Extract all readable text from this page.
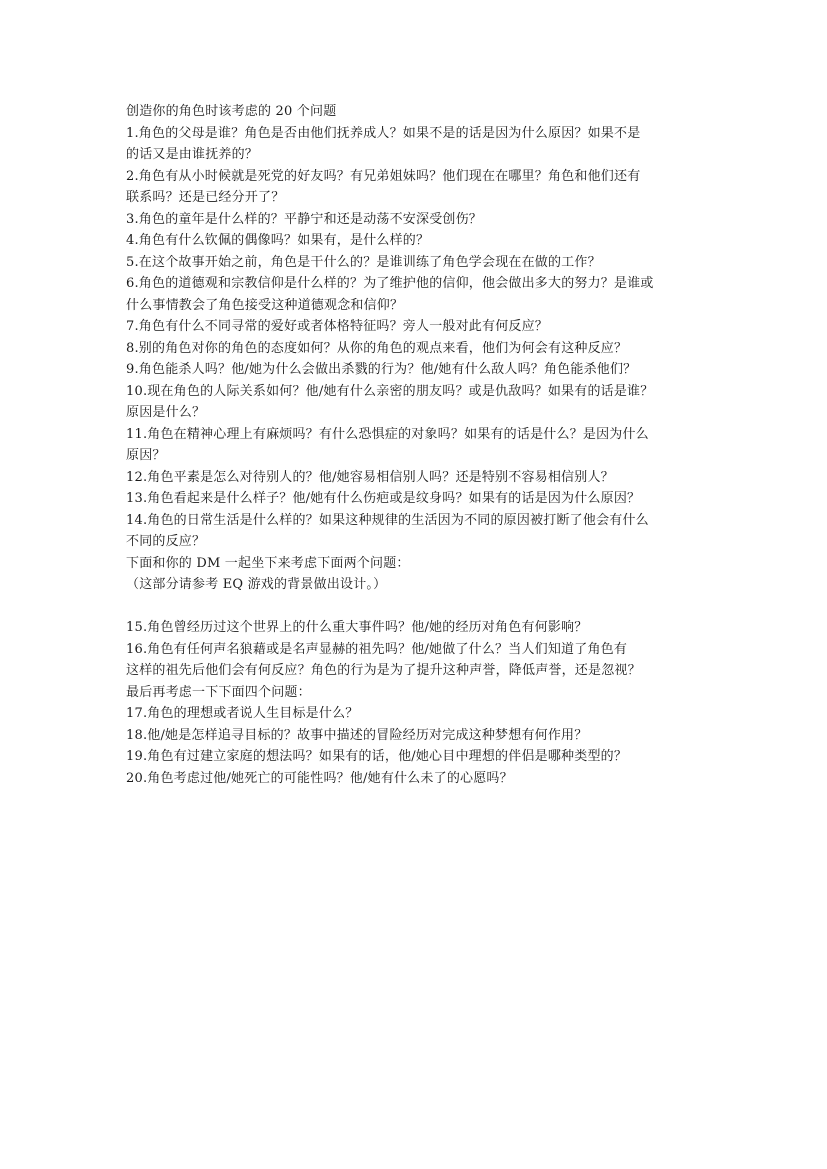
创造你的角色时该考虑的 20 个问题
1.角色的父母是谁？角色是否由他们抚养成人？如果不是的话是因为什么原因？如果不是
的话又是由谁抚养的？
2.角色有从小时候就是死党的好友吗？有兄弟姐妹吗？他们现在在哪里？角色和他们还有
联系吗？还是已经分开了？
3.角色的童年是什么样的？平静宁和还是动荡不安深受创伤？
4.角色有什么钦佩的偶像吗？如果有，是什么样的？
5.在这个故事开始之前，角色是干什么的？是谁训练了角色学会现在在做的工作？
6.角色的道德观和宗教信仰是什么样的？为了维护他的信仰，他会做出多大的努力？是谁或
什么事情教会了角色接受这种道德观念和信仰？
7.角色有什么不同寻常的爱好或者体格特征吗？旁人一般对此有何反应？
8.别的角色对你的角色的态度如何？从你的角色的观点来看，他们为何会有这种反应？
9.角色能杀人吗？他/她为什么会做出杀戮的行为？他/她有什么敌人吗？角色能杀他们？
10.现在角色的人际关系如何？他/她有什么亲密的朋友吗？或是仇敌吗？如果有的话是谁？
原因是什么？
11.角色在精神心理上有麻烦吗？有什么恐惧症的对象吗？如果有的话是什么？是因为什么
原因？
12.角色平素是怎么对待别人的？他/她容易相信别人吗？还是特别不容易相信别人？
13.角色看起来是什么样子？他/她有什么伤疤或是纹身吗？如果有的话是因为什么原因？
14.角色的日常生活是什么样的？如果这种规律的生活因为不同的原因被打断了他会有什么
不同的反应？
下面和你的 DM 一起坐下来考虑下面两个问题：
（这部分请参考 EQ 游戏的背景做出设计。）
15.角色曾经历过这个世界上的什么重大事件吗？他/她的经历对角色有何影响？
16.角色有任何声名狼藉或是名声显赫的祖先吗？他/她做了什么？当人们知道了角色有
这样的祖先后他们会有何反应？角色的行为是为了提升这种声誉，降低声誉，还是忽视？
最后再考虑一下下面四个问题：
17.角色的理想或者说人生目标是什么？
18.他/她是怎样追寻目标的？故事中描述的冒险经历对完成这种梦想有何作用？
19.角色有过建立家庭的想法吗？如果有的话，他/她心目中理想的伴侣是哪种类型的？
20.角色考虑过他/她死亡的可能性吗？他/她有什么未了的心愿吗？
